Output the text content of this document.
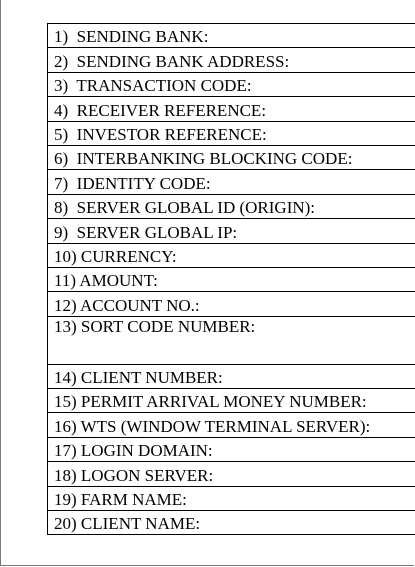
1) SENDING BANK:
2) SENDING BANK ADDRESS:
3) TRANSACTION CODE:
4) RECEIVER REFERENCE:
5) INVESTOR REFERENCE:
6) INTERBANKING BLOCKING CODE:
7) IDENTITY CODE:
8) SERVER GLOBAL ID (ORIGIN):
9) SERVER GLOBAL IP:
10) CURRENCY:
11) AMOUNT:
12) ACCOUNT NO.:
13) SORT CODE NUMBER:
14) CLIENT NUMBER:
15) PERMIT ARRIVAL MONEY NUMBER:
16) WTS (WINDOW TERMINAL SERVER):
17) LOGIN DOMAIN:
18) LOGON SERVER:
19) FARM NAME:
20) CLIENT NAME:
